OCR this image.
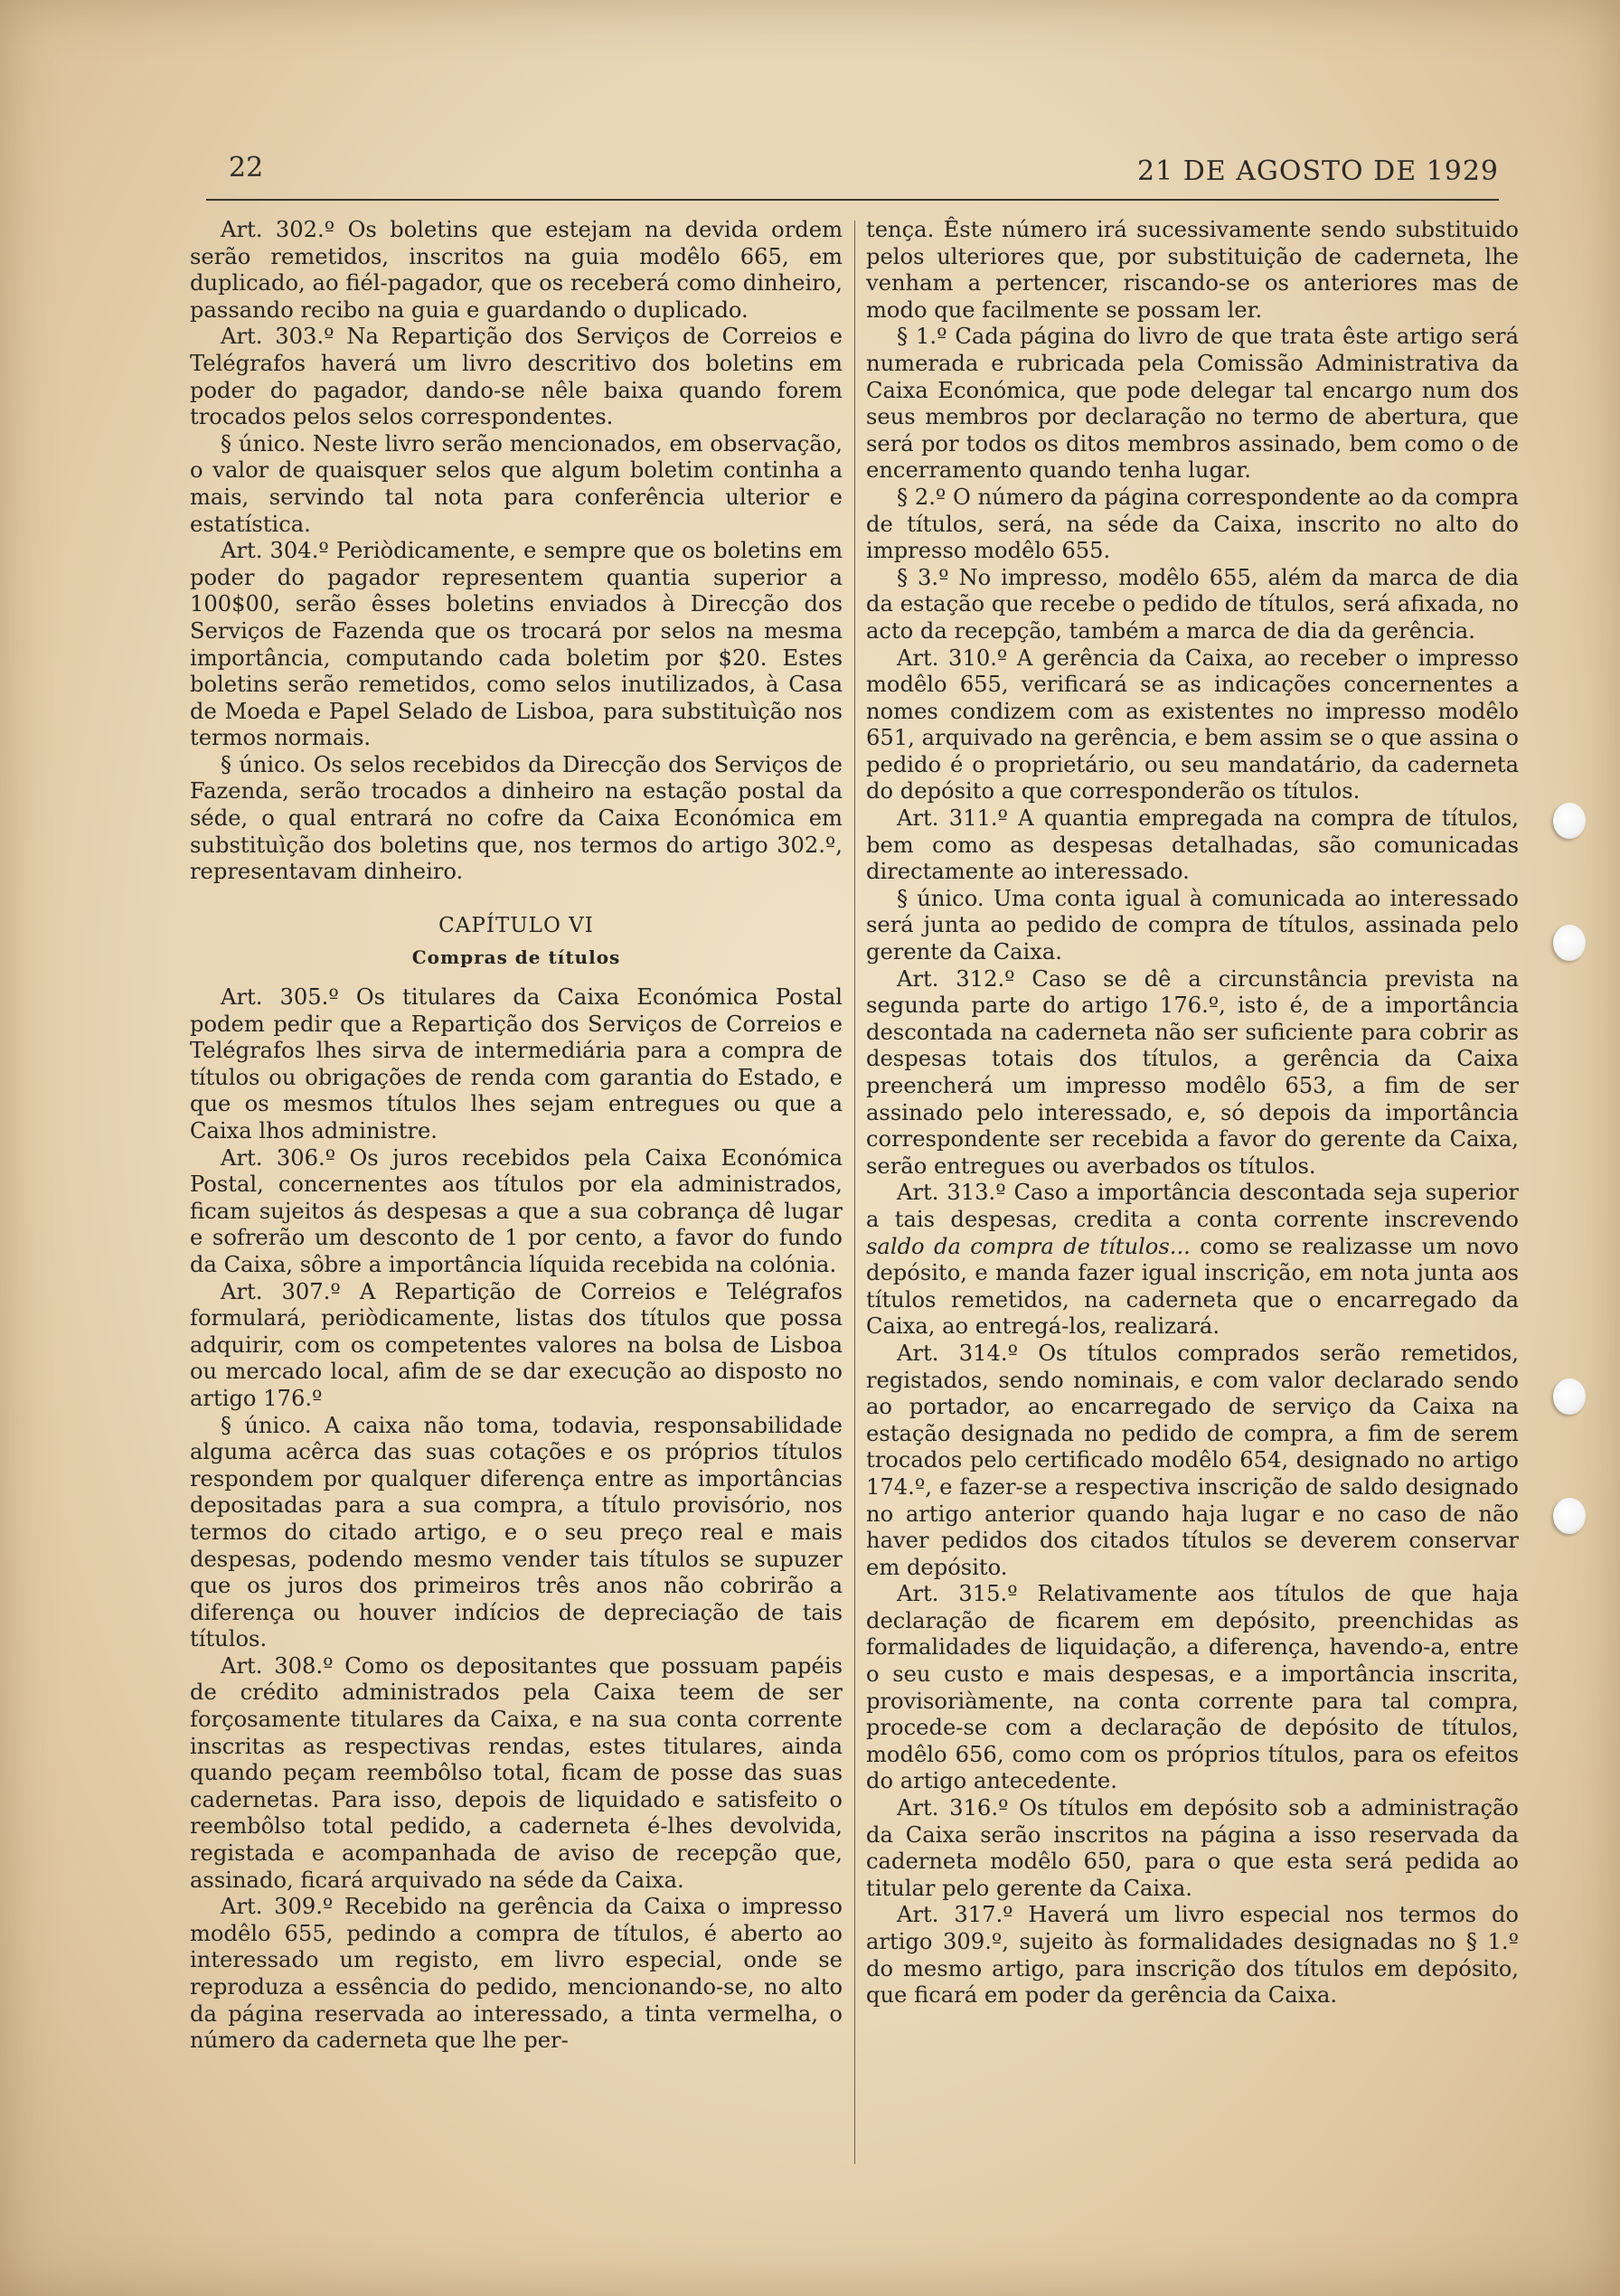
22	21 DE AGOSTO DE 1929

Art. 302.º Os boletins que estejam na devida ordem serão remetidos, inscritos na guia modêlo 665, em duplicado, ao fiél-pagador, que os receberá como dinheiro, passando recibo na guia e guardando o duplicado.

Art. 303.º Na Repartição dos Serviços de Correios e Telégrafos haverá um livro descritivo dos boletins em poder do pagador, dando-se nêle baixa quando forem trocados pelos selos correspondentes.

§ único. Neste livro serão mencionados, em observação, o valor de quaisquer selos que algum boletim continha a mais, servindo tal nota para conferência ulterior e estatística.

Art. 304.º Periòdicamente, e sempre que os boletins em poder do pagador representem quantia superior a 100$00, serão êsses boletins enviados à Direcção dos Serviços de Fazenda que os trocará por selos na mesma importância, computando cada boletim por $20. Estes boletins serão remetidos, como selos inutilizados, à Casa de Moeda e Papel Selado de Lisboa, para substituìção nos termos normais.

§ único. Os selos recebidos da Direcção dos Serviços de Fazenda, serão trocados a dinheiro na estação postal da séde, o qual entrará no cofre da Caixa Económica em substituìção dos boletins que, nos termos do artigo 302.º, representavam dinheiro.

CAPÍTULO VI
Compras de títulos

Art. 305.º Os titulares da Caixa Económica Postal podem pedir que a Repartição dos Serviços de Correios e Telégrafos lhes sirva de intermediária para a compra de títulos ou obrigações de renda com garantia do Estado, e que os mesmos títulos lhes sejam entregues ou que a Caixa lhos administre.

Art. 306.º Os juros recebidos pela Caixa Económica Postal, concernentes aos títulos por ela administrados, ficam sujeitos ás despesas a que a sua cobrança dê lugar e sofrerão um desconto de 1 por cento, a favor do fundo da Caixa, sôbre a importância líquida recebida na colónia.

Art. 307.º A Repartição de Correios e Telégrafos formulará, periòdicamente, listas dos títulos que possa adquirir, com os competentes valores na bolsa de Lisboa ou mercado local, afim de se dar execução ao disposto no artigo 176.º

§ único. A caixa não toma, todavia, responsabilidade alguma acêrca das suas cotações e os próprios títulos respondem por qualquer diferença entre as importâncias depositadas para a sua compra, a título provisório, nos termos do citado artigo, e o seu preço real e mais despesas, podendo mesmo vender tais títulos se supuzer que os juros dos primeiros três anos não cobrirão a diferença ou houver indícios de depreciação de tais títulos.

Art. 308.º Como os depositantes que possuam papéis de crédito administrados pela Caixa teem de ser forçosamente titulares da Caixa, e na sua conta corrente inscritas as respectivas rendas, estes titulares, ainda quando peçam reembôlso total, ficam de posse das suas cadernetas. Para isso, depois de liquidado e satisfeito o reembôlso total pedido, a caderneta é-lhes devolvida, registada e acompanhada de aviso de recepção que, assinado, ficará arquivado na séde da Caixa.

Art. 309.º Recebido na gerência da Caixa o impresso modêlo 655, pedindo a compra de títulos, é aberto ao interessado um registo, em livro especial, onde se reproduza a essência do pedido, mencionando-se, no alto da página reservada ao interessado, a tinta vermelha, o número da caderneta que lhe per-

tença. Êste número irá sucessivamente sendo substituido pelos ulteriores que, por substituição de caderneta, lhe venham a pertencer, riscando-se os anteriores mas de modo que facilmente se possam ler.

§ 1.º Cada página do livro de que trata êste artigo será numerada e rubricada pela Comissão Administrativa da Caixa Económica, que pode delegar tal encargo num dos seus membros por declaração no termo de abertura, que será por todos os ditos membros assinado, bem como o de encerramento quando tenha lugar.

§ 2.º O número da página correspondente ao da compra de títulos, será, na séde da Caixa, inscrito no alto do impresso modêlo 655.

§ 3.º No impresso, modêlo 655, além da marca de dia da estação que recebe o pedido de títulos, será afixada, no acto da recepção, também a marca de dia da gerência.

Art. 310.º A gerência da Caixa, ao receber o impresso modêlo 655, verificará se as indicações concernentes a nomes condizem com as existentes no impresso modêlo 651, arquivado na gerência, e bem assim se o que assina o pedido é o proprietário, ou seu mandatário, da caderneta do depósito a que corresponderão os títulos.

Art. 311.º A quantia empregada na compra de títulos, bem como as despesas detalhadas, são comunicadas directamente ao interessado.

§ único. Uma conta igual à comunicada ao interessado será junta ao pedido de compra de títulos, assinada pelo gerente da Caixa.

Art. 312.º Caso se dê a circunstância prevista na segunda parte do artigo 176.º, isto é, de a importância descontada na caderneta não ser suficiente para cobrir as despesas totais dos títulos, a gerência da Caixa preencherá um impresso modêlo 653, a fim de ser assinado pelo interessado, e, só depois da importância correspondente ser recebida a favor do gerente da Caixa, serão entregues ou averbados os títulos.

Art. 313.º Caso a importância descontada seja superior a tais despesas, credita a conta corrente inscrevendo saldo da compra de títulos... como se realizasse um novo depósito, e manda fazer igual inscrição, em nota junta aos títulos remetidos, na caderneta que o encarregado da Caixa, ao entregá-los, realizará.

Art. 314.º Os títulos comprados serão remetidos, registados, sendo nominais, e com valor declarado sendo ao portador, ao encarregado de serviço da Caixa na estação designada no pedido de compra, a fim de serem trocados pelo certificado modêlo 654, designado no artigo 174.º, e fazer-se a respectiva inscrição de saldo designado no artigo anterior quando haja lugar e no caso de não haver pedidos dos citados títulos se deverem conservar em depósito.

Art. 315.º Relativamente aos títulos de que haja declaração de ficarem em depósito, preenchidas as formalidades de liquidação, a diferença, havendo-a, entre o seu custo e mais despesas, e a importância inscrita, provisoriàmente, na conta corrente para tal compra, procede-se com a declaração de depósito de títulos, modêlo 656, como com os próprios títulos, para os efeitos do artigo antecedente.

Art. 316.º Os títulos em depósito sob a administração da Caixa serão inscritos na página a isso reservada da caderneta modêlo 650, para o que esta será pedida ao titular pelo gerente da Caixa.

Art. 317.º Haverá um livro especial nos termos do artigo 309.º, sujeito às formalidades designadas no § 1.º do mesmo artigo, para inscrição dos títulos em depósito, que ficará em poder da gerência da Caixa.
